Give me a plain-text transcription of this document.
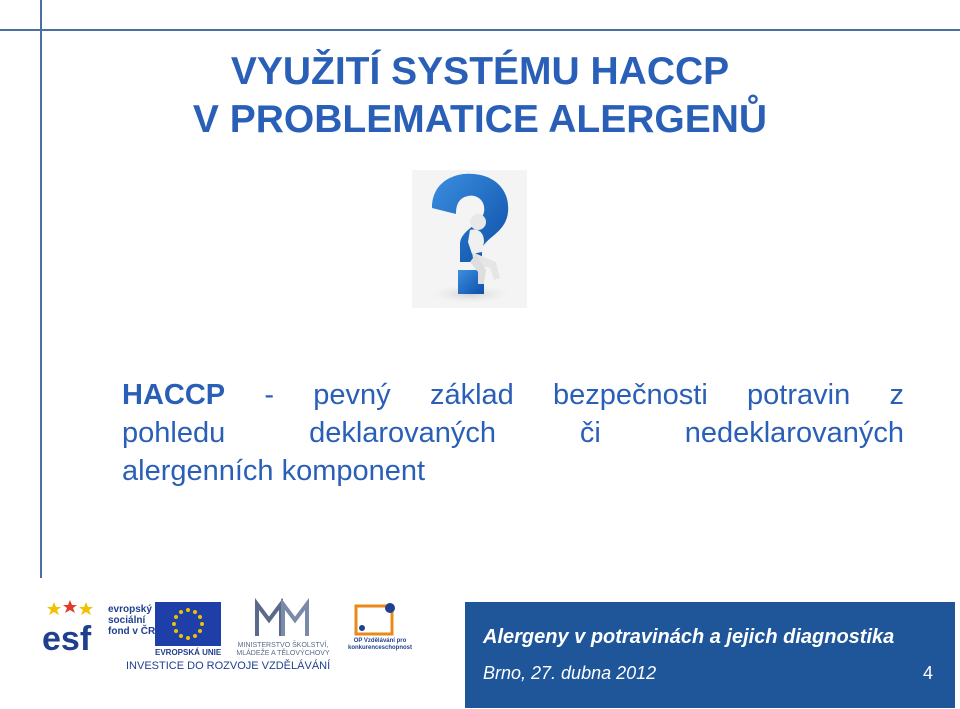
VYUŽITÍ SYSTÉMU HACCP
V PROBLEMATICE ALERGENŮ
HACCP - pevný základ bezpečnosti potravin z
pohledu	deklarovaných	či	nedeklarovaných
alergenních komponent
esf
evropský
sociální
fond v ČR
EVROPSKÁ UNIE
MINISTERSTVO ŠKOLSTVÍ, MLÁDEŽE A TĚLOVÝCHOVY
OP Vzdělávání pro konkurenceschopnost
INVESTICE DO ROZVOJE VZDĚLÁVÁNÍ
Alergeny v potravinách a jejich diagnostika
Brno, 27. dubna 2012	4
